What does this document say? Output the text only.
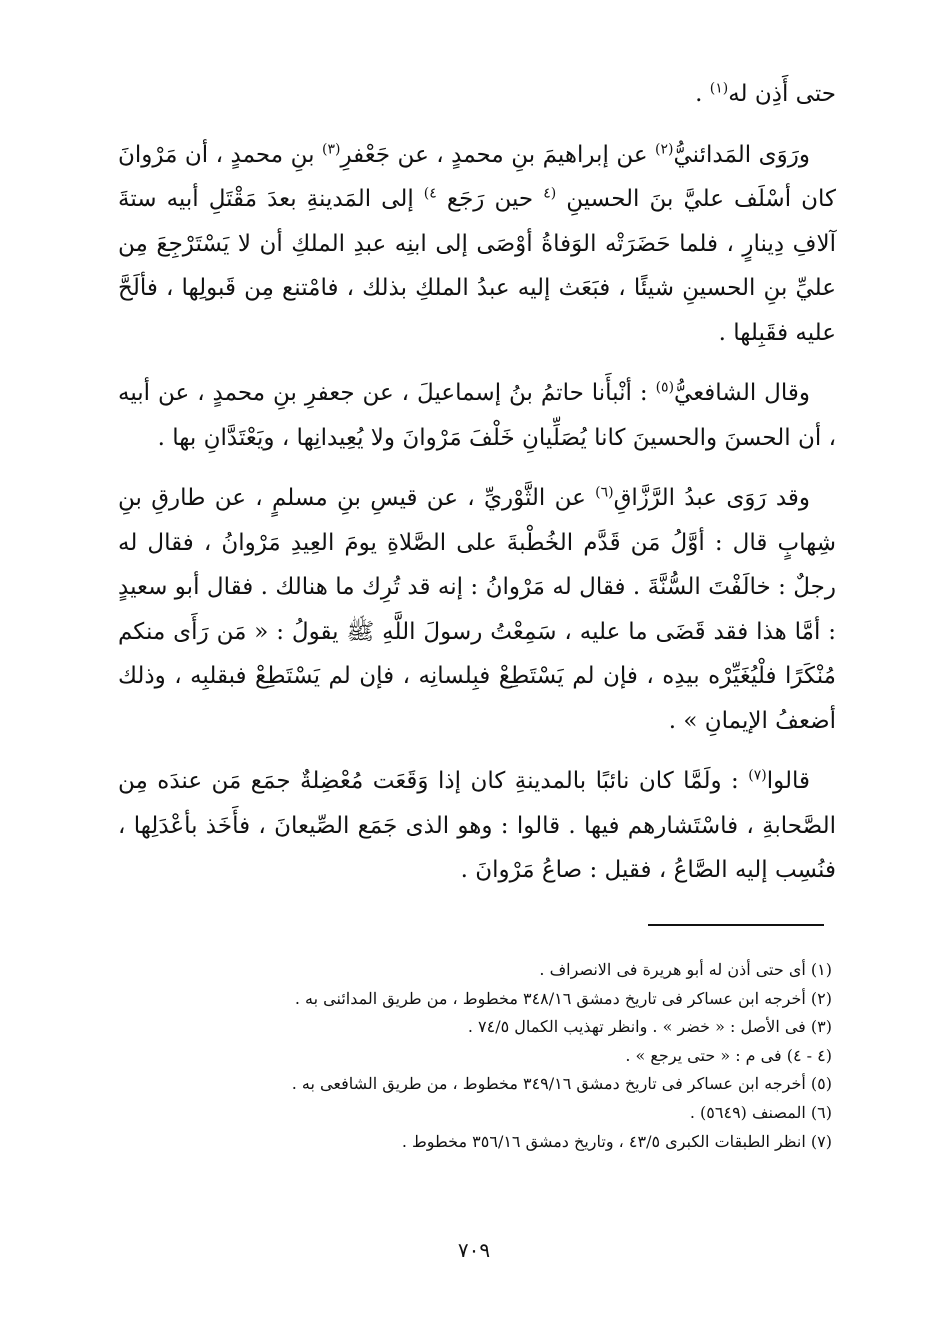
حتى أَذِن له$^{(١)}$ .

ورَوَى المَدائنيُّ$^{(٢)}$ عن إبراهيمَ بنِ محمدٍ ، عن جَعْفرِ$^{(٣)}$ بنِ محمدٍ ، أن مَرْوانَ كان أسْلَف عليَّ بنَ الحسينِ $^{(٤}$ حين رَجَع $^{٤)}$ إلى المَدينةِ بعدَ مَقْتَلِ أبيه ستةَ آلافِ دِينارٍ ، فلما حَضَرَتْه الوَفاةُ أوْصَى إلى ابنِه عبدِ الملكِ أن لا يَسْتَرْجِعَ مِن عليِّ بنِ الحسينِ شيئًا ، فبَعَث إليه عبدُ الملكِ بذلك ، فامْتنع مِن قَبولِها ، فألَحَّ عليه فقَبِلها .

وقال الشافعيُّ$^{(٥)}$ : أنْبأَنا حاتمُ بنُ إسماعيلَ ، عن جعفرِ بنِ محمدٍ ، عن أبيه ، أن الحسنَ والحسينَ كانا يُصَلِّيانِ خَلْفَ مَرْوانَ ولا يُعِيدانِها ، ويَعْتَدَّانِ بها .

وقد رَوَى عبدُ الرَّزَّاقِ$^{(٦)}$ عن الثَّوْريِّ ، عن قيسِ بنِ مسلمٍ ، عن طارقِ بنِ شِهابٍ قال : أوَّلُ مَن قَدَّم الخُطْبةَ على الصَّلاةِ يومَ العِيدِ مَرْوانُ ، فقال له رجلٌ : خالَفْتَ السُّنَّةَ . فقال له مَرْوانُ : إنه قد تُرِك ما هنالك . فقال أبو سعيدٍ : أمَّا هذا فقد قَضَى ما عليه ، سَمِعْتُ رسولَ اللَّهِ ﷺ يقولُ : « مَن رَأَى منكم مُنْكَرًا فلْيُغَيِّرْه بيدِه ، فإن لم يَسْتَطِعْ فبِلسانِه ، فإن لم يَسْتَطِعْ فبقلبِه ، وذلك أضعفُ الإيمانِ » .

قالوا$^{(٧)}$ : ولَمَّا كان نائبًا بالمدينةِ كان إذا وَقَعَت مُعْضِلةٌ جمَع مَن عندَه مِن الصَّحابةِ ، فاسْتَشارهم فيها . قالوا : وهو الذى جَمَع الصِّيعانَ ، فأَخَذ بأعْدَلِها ، فنُسِب إليه الصَّاعُ ، فقيل : صاعُ مَرْوانَ .

(١) أى حتى أذن له أبو هريرة فى الانصراف .

(٢) أخرجه ابن عساكر فى تاريخ دمشق ٣٤٨/١٦ مخطوط ، من طريق المدائنى به .

(٣) فى الأصل : « خضر » . وانظر تهذيب الكمال ٧٤/٥ .

(٤ - ٤) فى م : « حتى يرجع » .

(٥) أخرجه ابن عساكر فى تاريخ دمشق ٣٤٩/١٦ مخطوط ، من طريق الشافعى به .

(٦) المصنف (٥٦٤٩) .

(٧) انظر الطبقات الكبرى ٤٣/٥ ، وتاريخ دمشق ٣٥٦/١٦ مخطوط .

٧٠٩
